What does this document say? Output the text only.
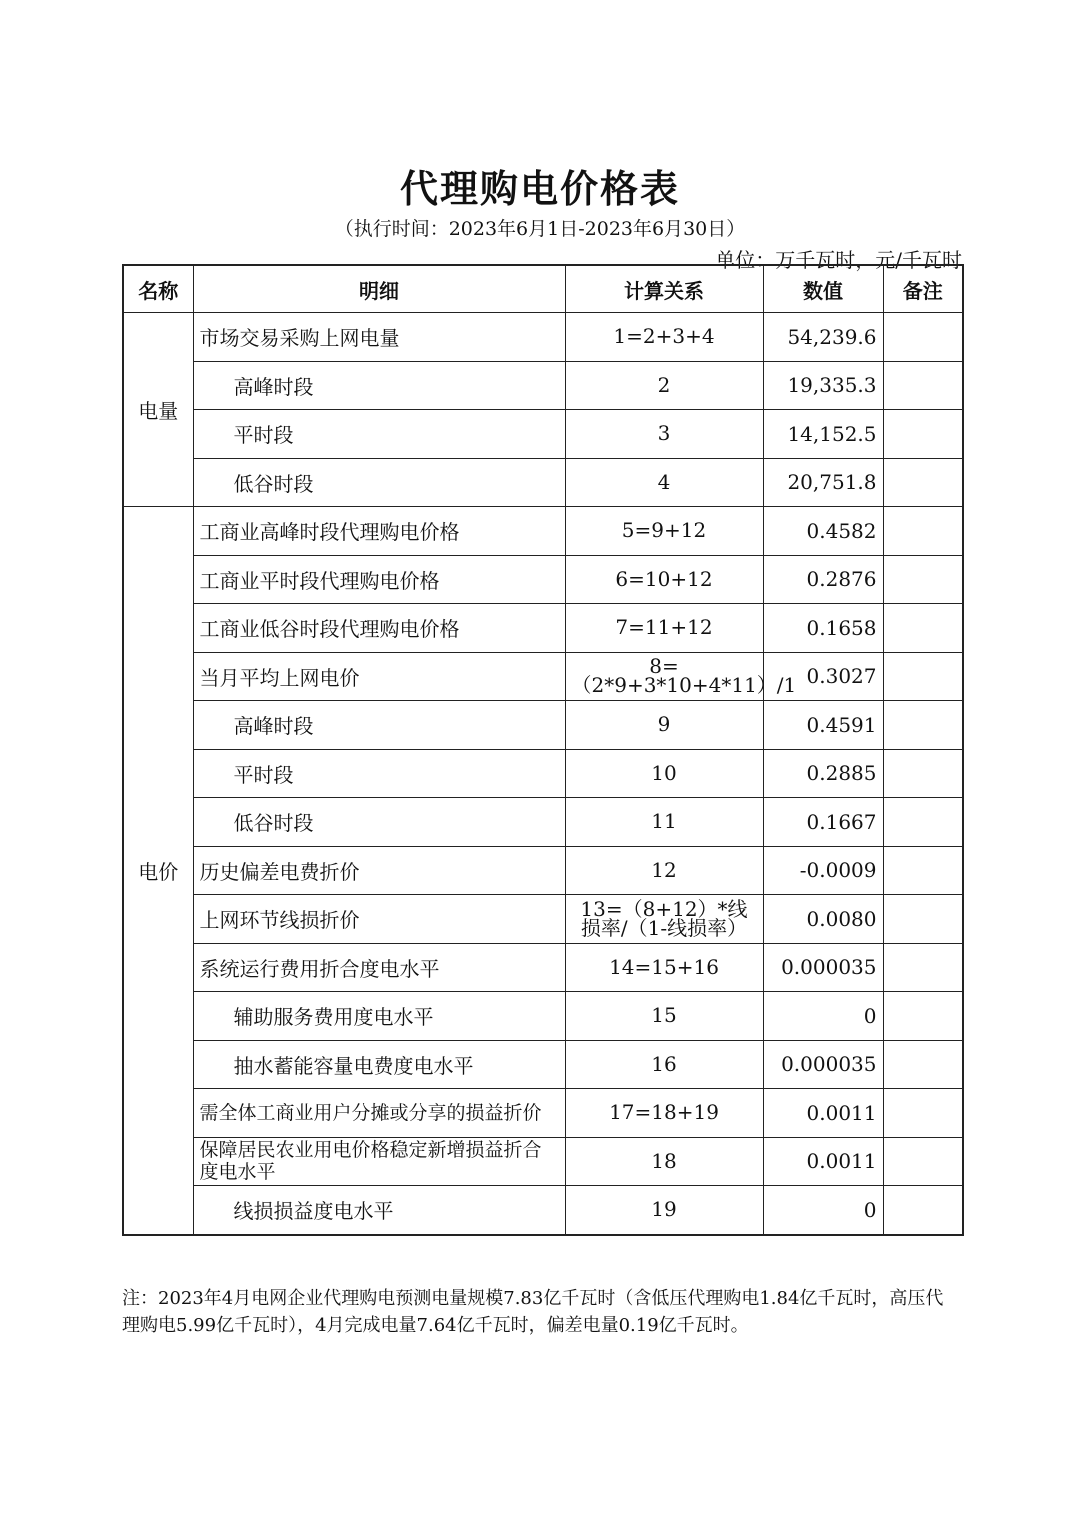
代理购电价格表
（执行时间：2023年6月1日-2023年6月30日）
单位：万千瓦时，元/千瓦时
名称	明细	计算关系	数值	备注
电量	市场交易采购上网电量	1=2+3+4	54,239.6	
	高峰时段	2	19,335.3	
	平时段	3	14,152.5	
	低谷时段	4	20,751.8	
电价	工商业高峰时段代理购电价格	5=9+12	0.4582	
	工商业平时段代理购电价格	6=10+12	0.2876	
	工商业低谷时段代理购电价格	7=11+12	0.1658	
	当月平均上网电价	8=（2*9+3*10+4*11）/1	0.3027	
	高峰时段	9	0.4591	
	平时段	10	0.2885	
	低谷时段	11	0.1667	
	历史偏差电费折价	12	-0.0009	
	上网环节线损折价	13=（8+12）*线损率/（1-线损率）	0.0080	
	系统运行费用折合度电水平	14=15+16	0.000035	
	辅助服务费用度电水平	15	0	
	抽水蓄能容量电费度电水平	16	0.000035	
	需全体工商业用户分摊或分享的损益折价	17=18+19	0.0011	
	保障居民农业用电价格稳定新增损益折合度电水平	18	0.0011	
	线损损益度电水平	19	0	
注：2023年4月电网企业代理购电预测电量规模7.83亿千瓦时（含低压代理购电1.84亿千瓦时，高压代理购电5.99亿千瓦时），4月完成电量7.64亿千瓦时，偏差电量0.19亿千瓦时。
